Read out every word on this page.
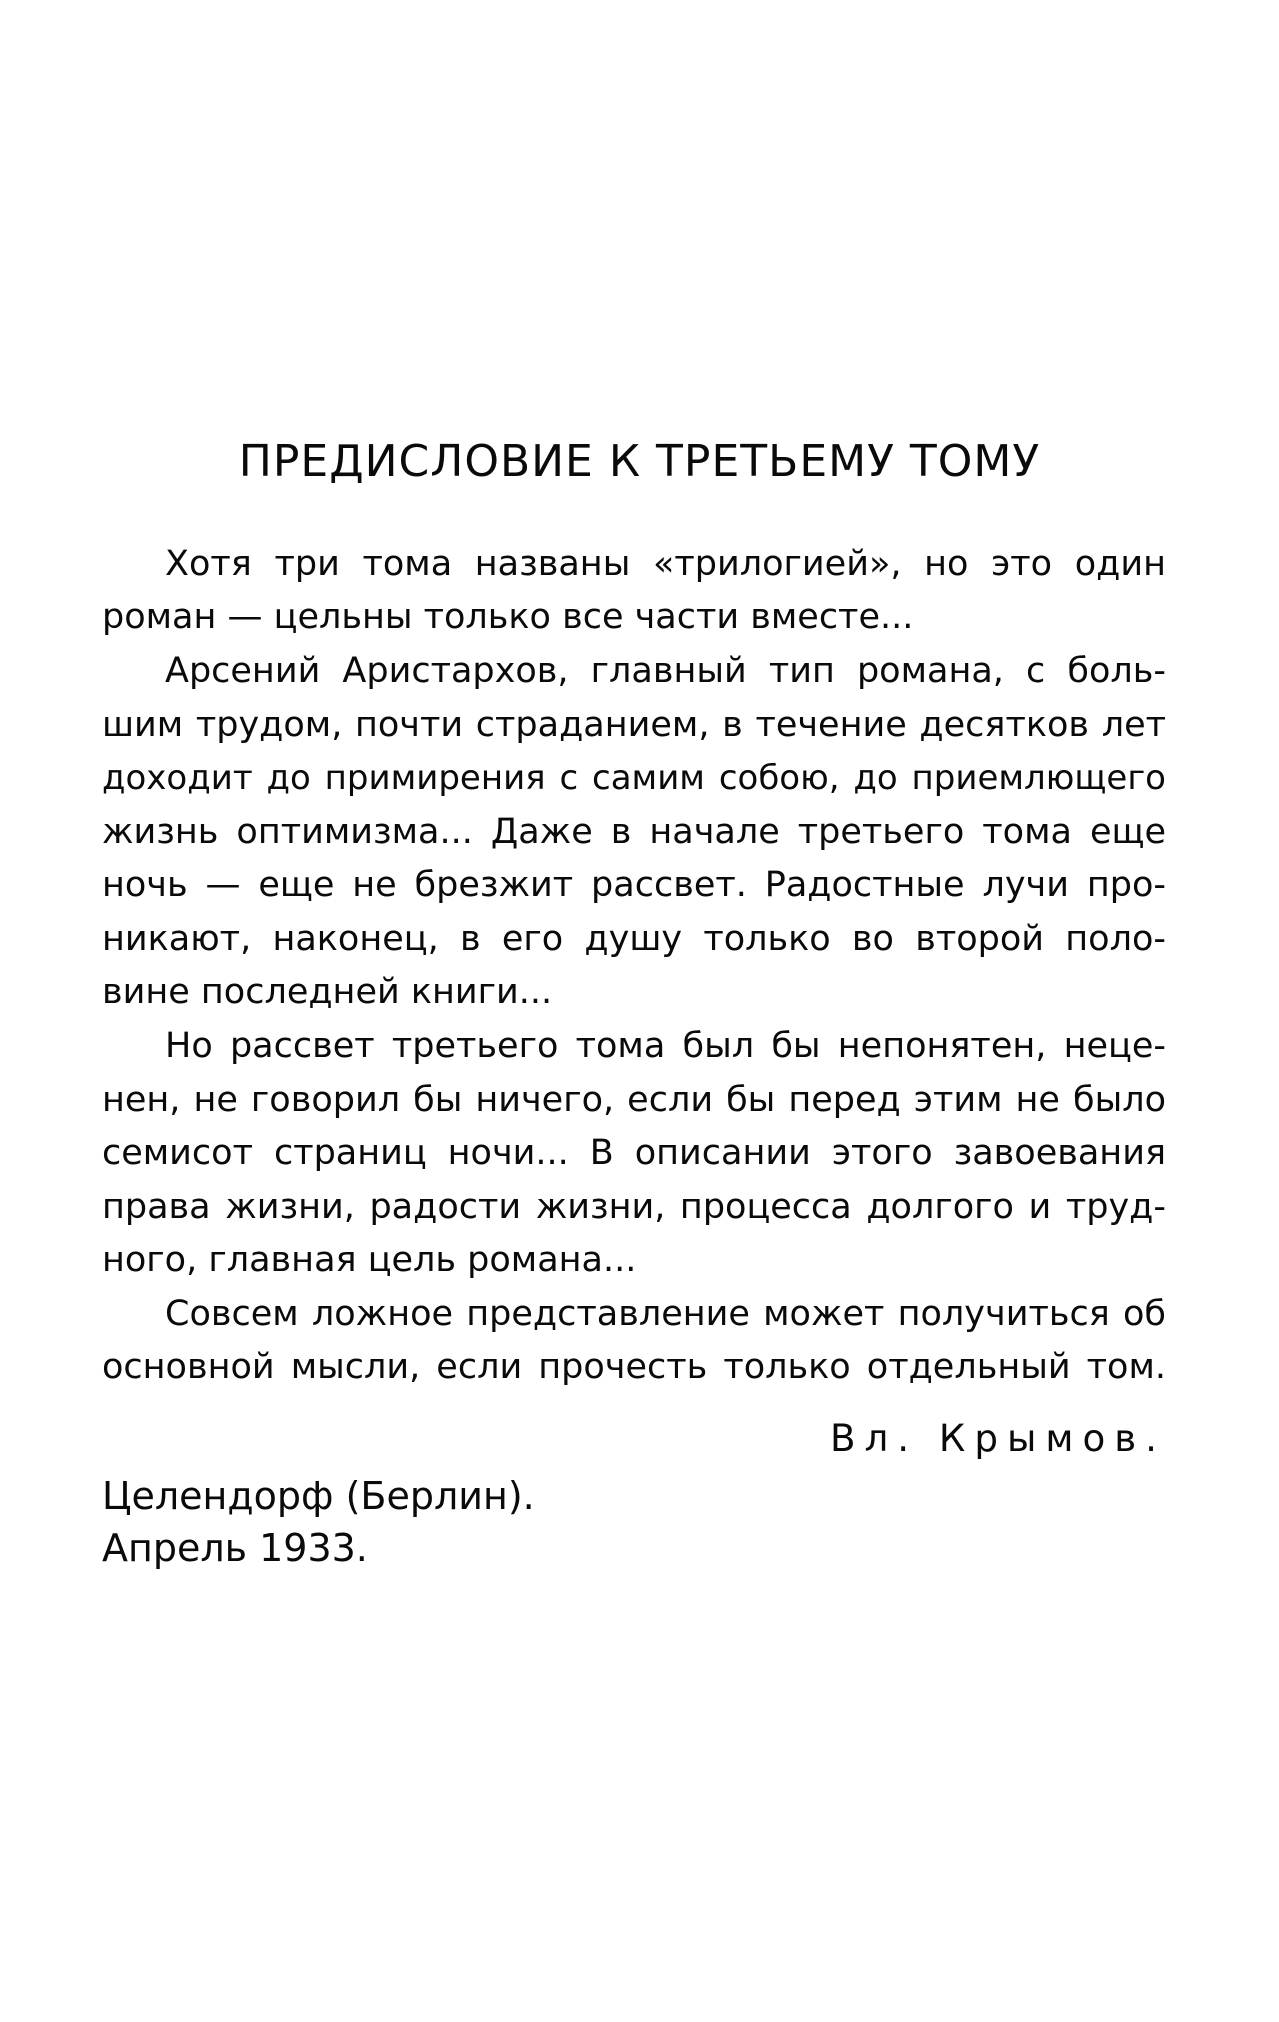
ПРЕДИСЛОВИЕ К ТРЕТЬЕМУ ТОМУ

Хотя три тома названы «трилогией», но это один

роман — цельны только все части вместе...

Арсений Аристархов, главный тип романа, с боль-

шим трудом, почти страданием, в течение десятков лет

доходит до примирения с самим собою, до приемлющего

жизнь оптимизма... Даже в начале третьего тома еще

ночь — еще не брезжит рассвет. Радостные лучи про-

никают, наконец, в его душу только во второй поло-

вине последней книги...

Но рассвет третьего тома был бы непонятен, неце-

нен, не говорил бы ничего, если бы перед этим не было

семисот страниц ночи... В описании этого завоевания

права жизни, радости жизни, процесса долгого и труд-

ного, главная цель романа...

Совсем ложное представление может получиться об

основной мысли, если прочесть только отдельный том.

Вл. Крымов.

Целендорф (Берлин).

Апрель 1933.
